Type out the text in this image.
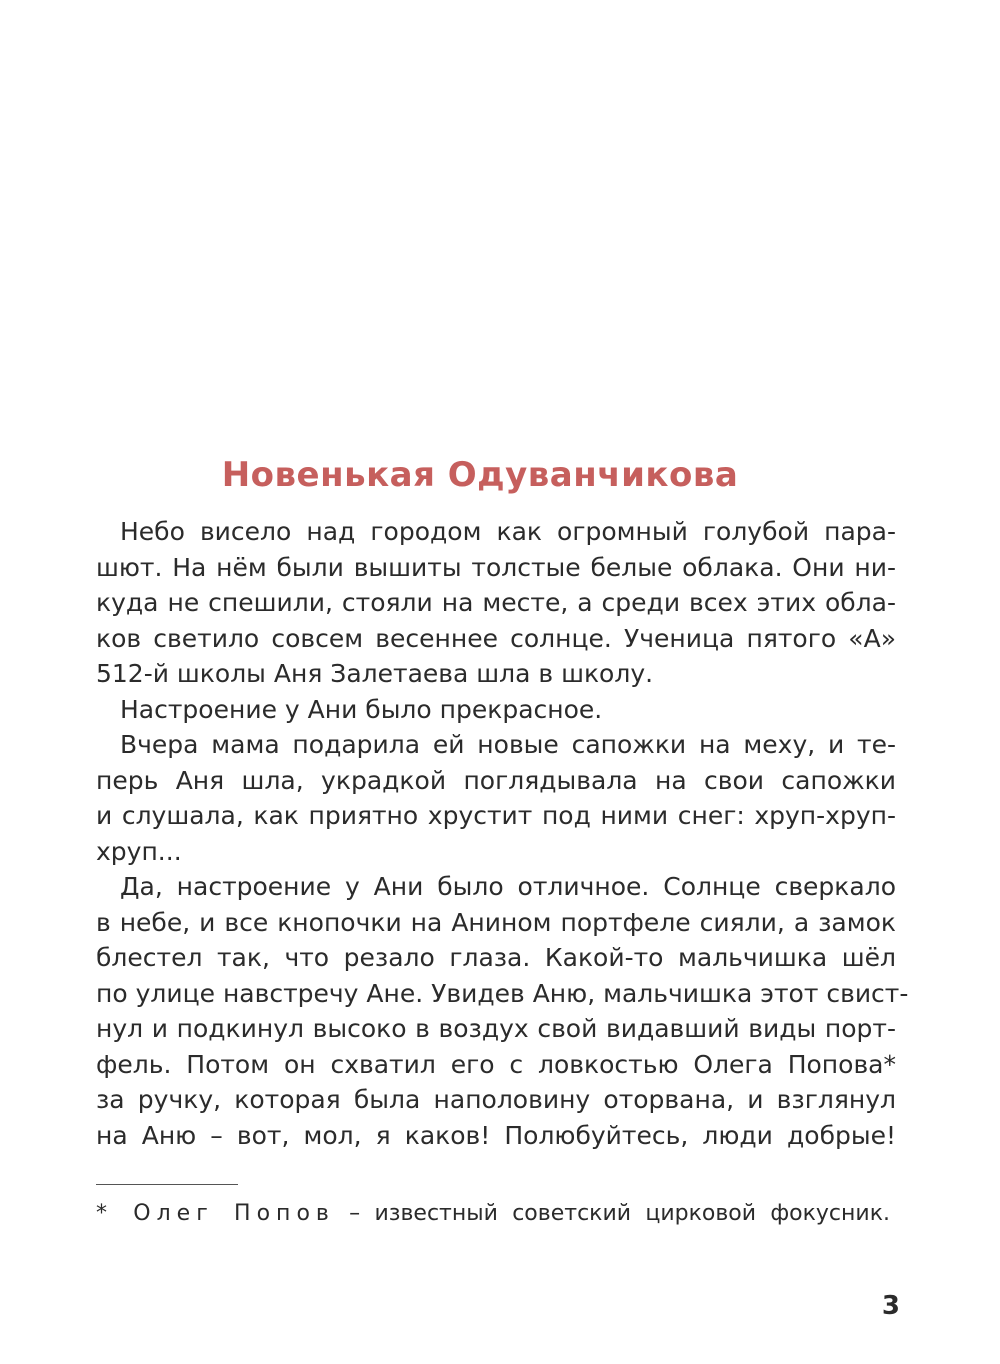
Новенькая Одуванчикова
Небо висело над городом как огромный голубой пара-
шют. На нём были вышиты толстые белые облака. Они ни-
куда не спешили, стояли на месте, а среди всех этих обла-
ков светило совсем весеннее солнце. Ученица пятого «А»
512-й школы Аня Залетаева шла в школу.
Настроение у Ани было прекрасное.
Вчера мама подарила ей новые сапожки на меху, и те-
перь Аня шла, украдкой поглядывала на свои сапожки
и слушала, как приятно хрустит под ними снег: хруп-хруп-
хруп...
Да, настроение у Ани было отличное. Солнце сверкало
в небе, и все кнопочки на Анином портфеле сияли, а замок
блестел так, что резало глаза. Какой-то мальчишка шёл
по улице навстречу Ане. Увидев Аню, мальчишка этот свист-
нул и подкинул высоко в воздух свой видавший виды порт-
фель. Потом он схватил его с ловкостью Олега Попова*
за ручку, которая была наполовину оторвана, и взглянул
на Аню – вот, мол, я каков! Полюбуйтесь, люди добрые!
* Олег Попов – известный советский цирковой фокусник.
3
